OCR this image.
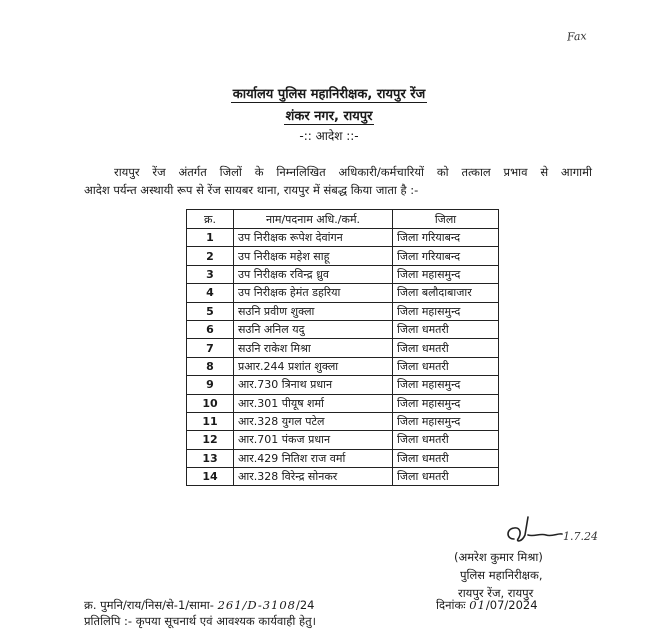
Fax
कार्यालय पुलिस महानिरीक्षक, रायपुर रेंज
शंकर नगर, रायपुर
-:: आदेश ::-
रायपुर रेंज अंतर्गत जिलों के निम्नलिखित अधिकारी/कर्मचारियों को तत्काल प्रभाव से आगामी
आदेश पर्यन्त अस्थायी रूप से रेंज सायबर थाना, रायपुर में संबद्ध किया जाता है :-
क्र.	नाम/पदनाम अधि./कर्म.	जिला
1	उप निरीक्षक रूपेश देवांगन	जिला गरियाबन्द
2	उप निरीक्षक महेश साहू	जिला गरियाबन्द
3	उप निरीक्षक रविन्द्र ध्रुव	जिला महासमुन्द
4	उप निरीक्षक हेमंत डहरिया	जिला बलौदाबाजार
5	सउनि प्रवीण शुक्ला	जिला महासमुन्द
6	सउनि अनिल यदु	जिला धमतरी
7	सउनि राकेश मिश्रा	जिला धमतरी
8	प्रआर.244 प्रशांत शुक्ला	जिला धमतरी
9	आर.730 त्रिनाथ प्रधान	जिला महासमुन्द
10	आर.301 पीयूष शर्मा	जिला महासमुन्द
11	आर.328 युगल पटेल	जिला महासमुन्द
12	आर.701 पंकज प्रधान	जिला धमतरी
13	आर.429 नितिश राज वर्मा	जिला धमतरी
14	आर.328 विरेन्द्र सोनकर	जिला धमतरी
1.7.24
(अमरेश कुमार मिश्रा)
पुलिस महानिरीक्षक,
रायपुर रेंज, रायपुर
क्र. पुमनि/राय/निस/से-1/सामा- 261/D-3108/24	दिनांकः 01/07/2024
प्रतिलिपि :- कृपया सूचनार्थ एवं आवश्यक कार्यवाही हेतु।
